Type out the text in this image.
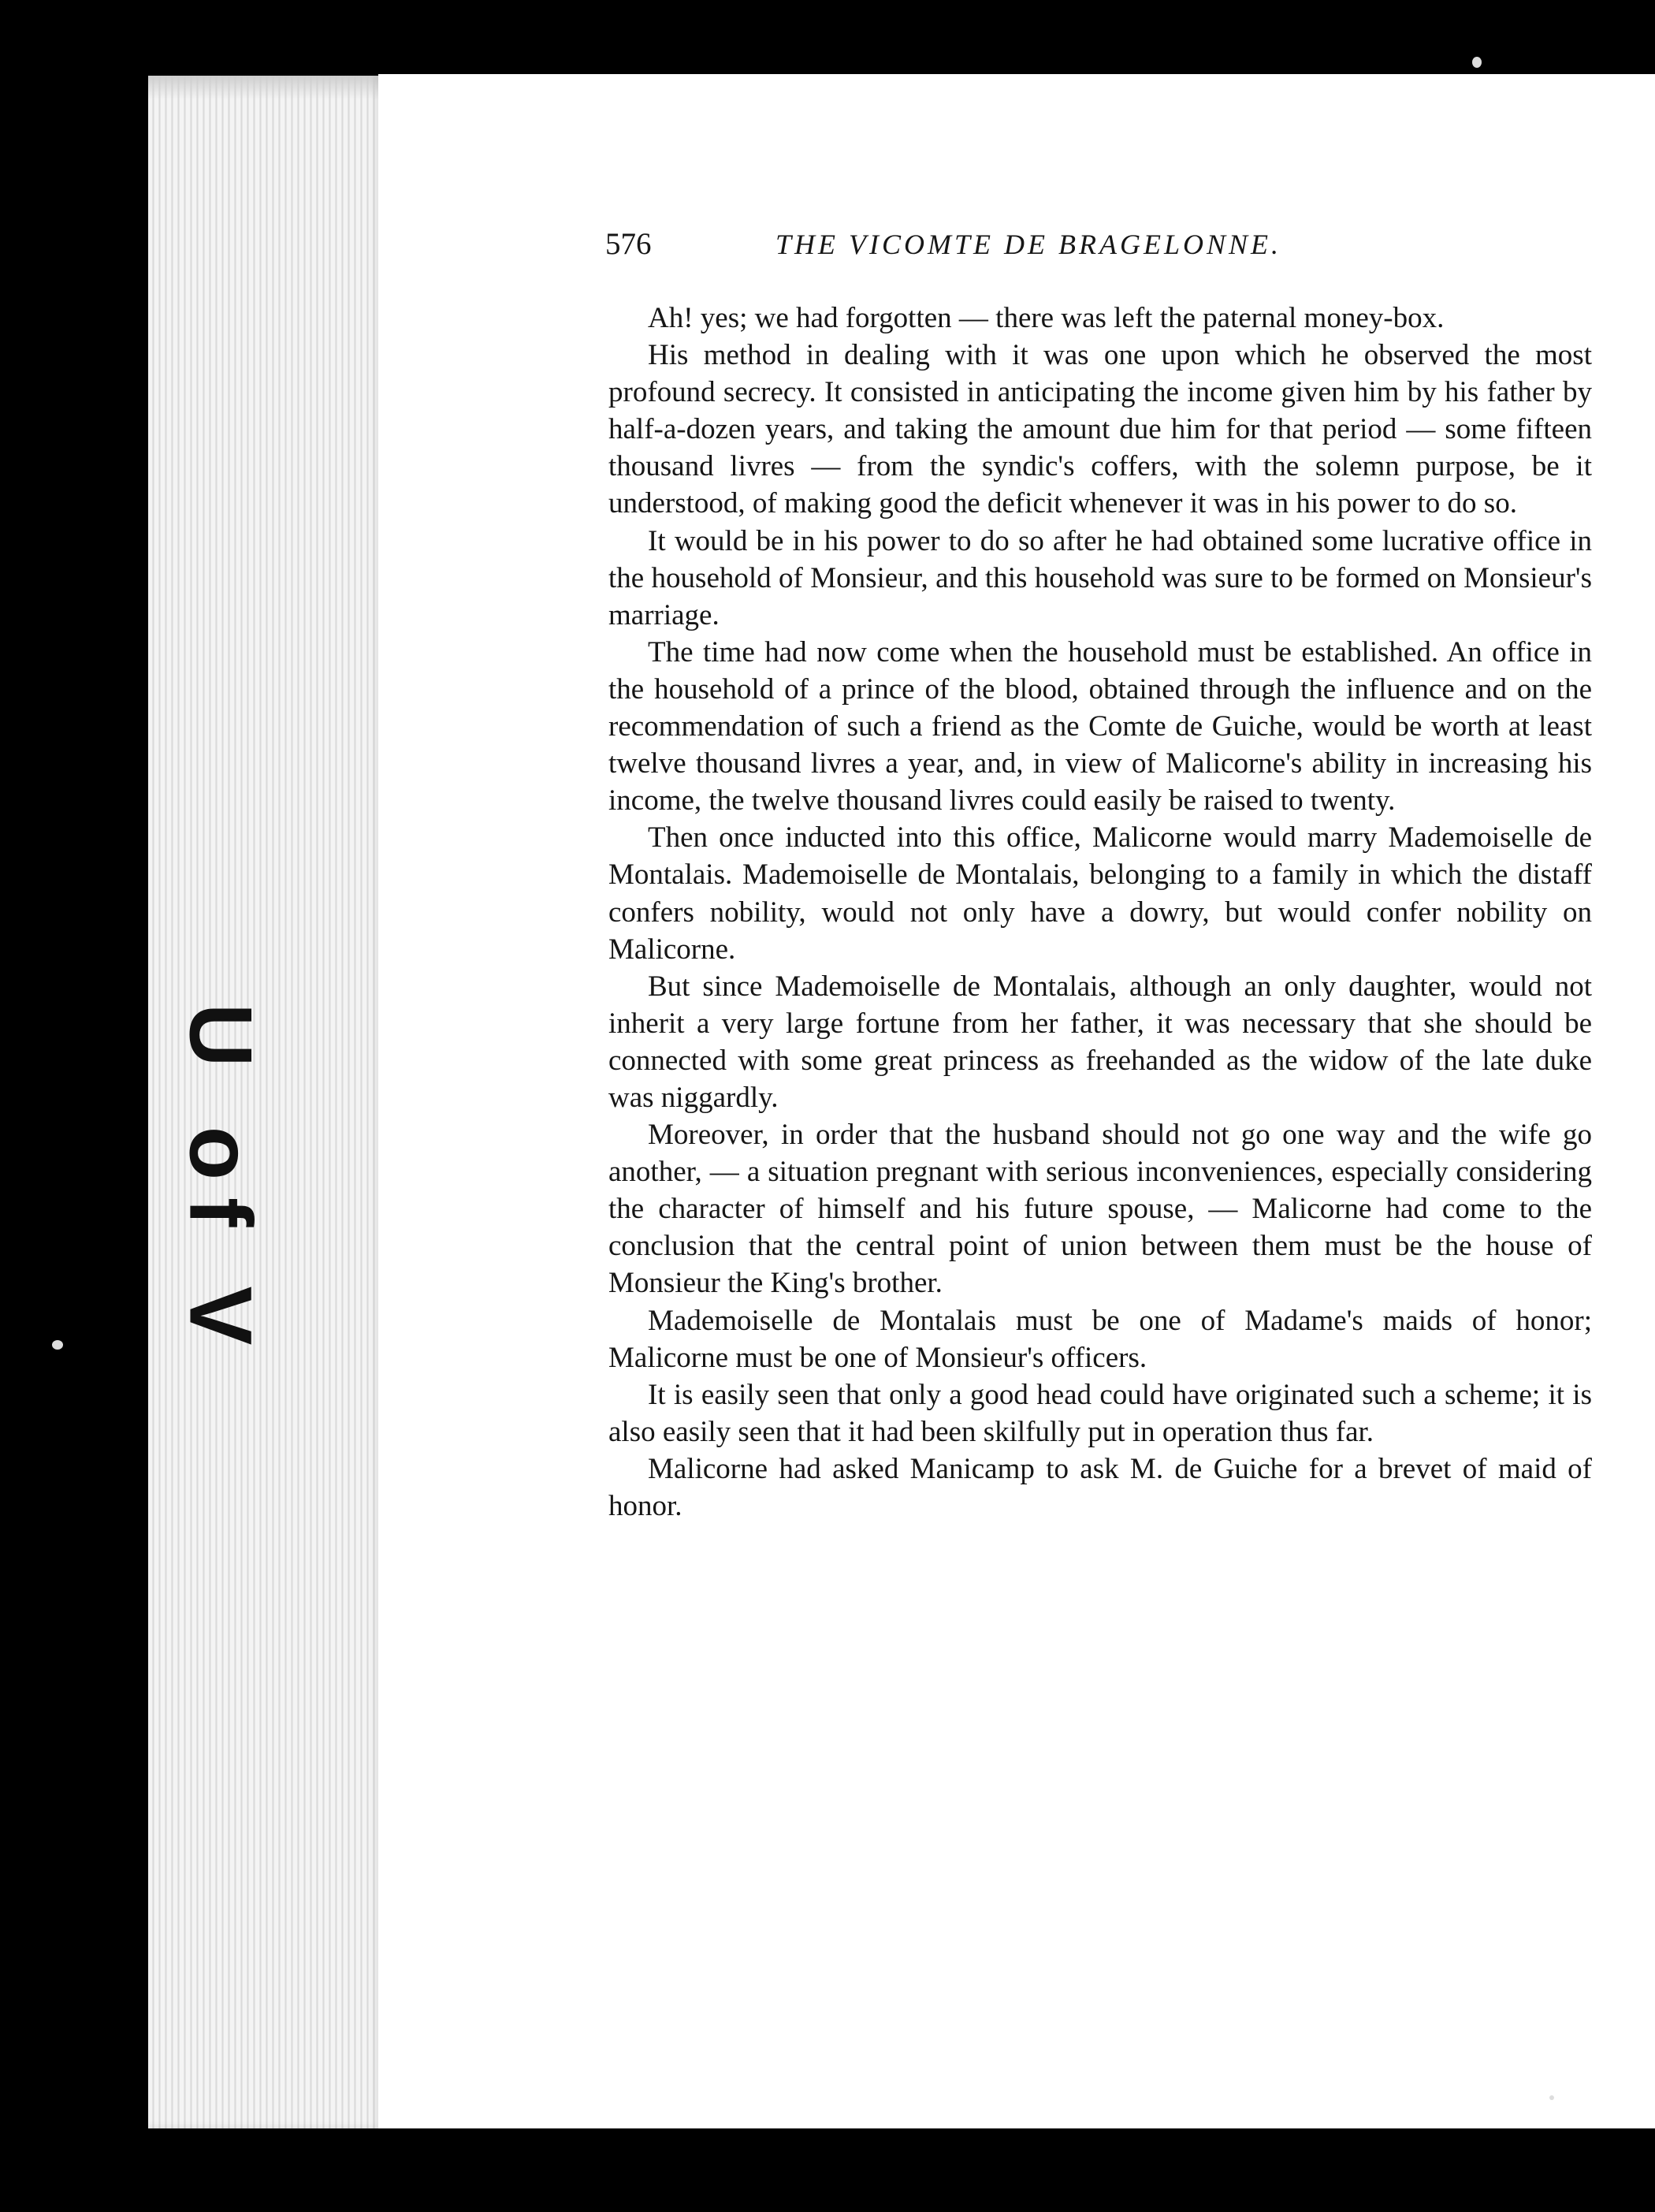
U of V
576	THE VICOMTE DE BRAGELONNE.

Ah! yes; we had forgotten — there was left the paternal money-box.

His method in dealing with it was one upon which he observed the most profound secrecy. It consisted in anticipating the income given him by his father by half-a-dozen years, and taking the amount due him for that period — some fifteen thousand livres — from the syndic's coffers, with the solemn purpose, be it understood, of making good the deficit whenever it was in his power to do so.

It would be in his power to do so after he had obtained some lucrative office in the household of Monsieur, and this household was sure to be formed on Monsieur's marriage.

The time had now come when the household must be established. An office in the household of a prince of the blood, obtained through the influence and on the recommendation of such a friend as the Comte de Guiche, would be worth at least twelve thousand livres a year, and, in view of Malicorne's ability in increasing his income, the twelve thousand livres could easily be raised to twenty.

Then once inducted into this office, Malicorne would marry Mademoiselle de Montalais. Mademoiselle de Montalais, belonging to a family in which the distaff confers nobility, would not only have a dowry, but would confer nobility on Malicorne.

But since Mademoiselle de Montalais, although an only daughter, would not inherit a very large fortune from her father, it was necessary that she should be connected with some great princess as freehanded as the widow of the late duke was niggardly.

Moreover, in order that the husband should not go one way and the wife go another, — a situation pregnant with serious inconveniences, especially considering the character of himself and his future spouse, — Malicorne had come to the conclusion that the central point of union between them must be the house of Monsieur the King's brother.

Mademoiselle de Montalais must be one of Madame's maids of honor; Malicorne must be one of Monsieur's officers.

It is easily seen that only a good head could have originated such a scheme; it is also easily seen that it had been skilfully put in operation thus far.

Malicorne had asked Manicamp to ask M. de Guiche for a brevet of maid of honor.
